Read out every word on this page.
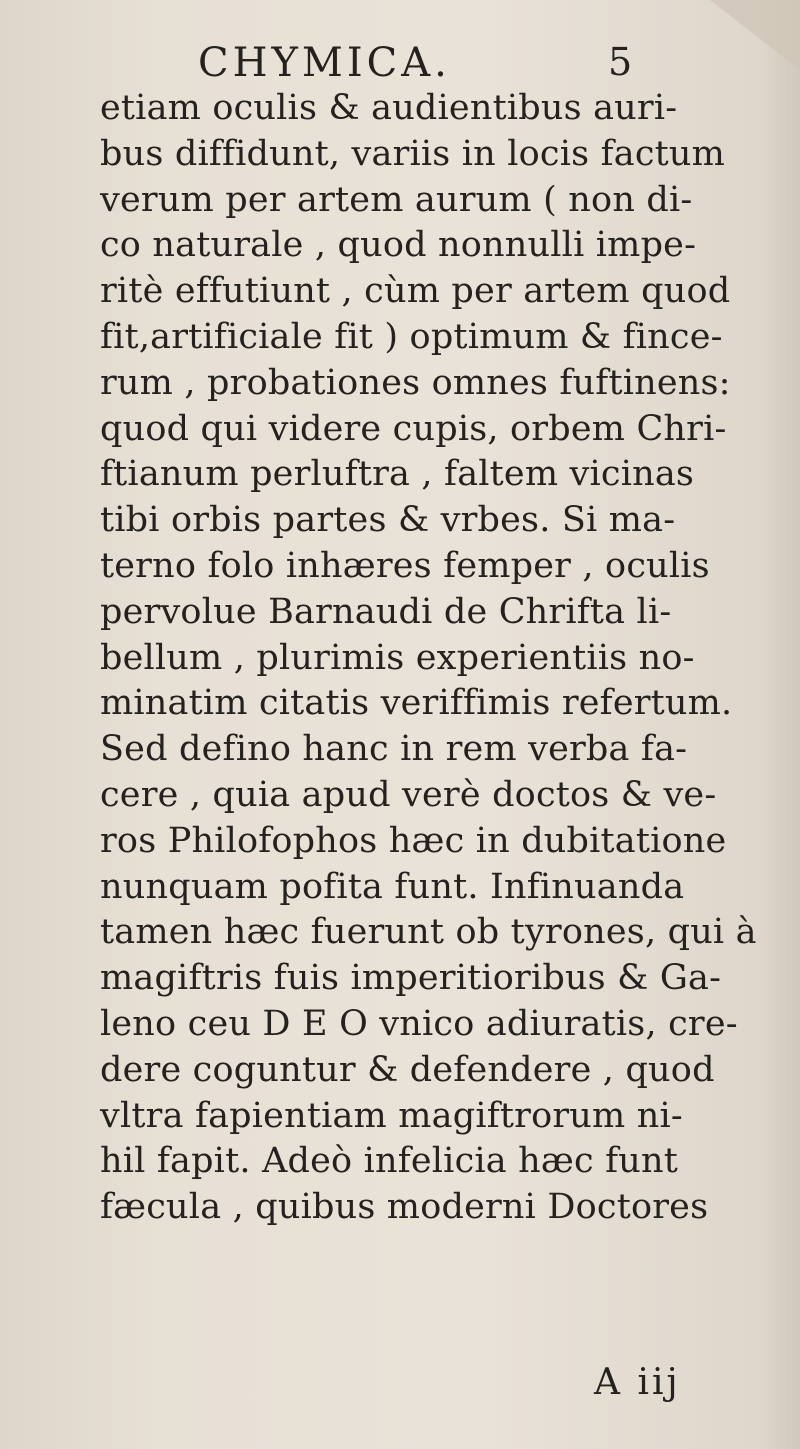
CHYMICA.	5
etiam oculis & audientibus auri-
bus diffidunt, variis in locis factum
verum per artem aurum ( non di-
co naturale , quod nonnulli impe-
ritè effutiunt , cùm per artem quod
fit,artificiale fit ) optimum & fince-
rum , probationes omnes fuftinens:
quod qui videre cupis, orbem Chri-
ftianum perluftra , faltem vicinas
tibi orbis partes & vrbes. Si ma-
terno folo inhæres femper , oculis
pervolue Barnaudi de Chrifta li-
bellum , plurimis experientiis no-
minatim citatis veriffimis refertum.
Sed defino hanc in rem verba fa-
cere , quia apud verè doctos & ve-
ros Philofophos hæc in dubitatione
nunquam pofita funt. Infinuanda
tamen hæc fuerunt ob tyrones, qui à
magiftris fuis imperitioribus & Ga-
leno ceu D E O vnico adiuratis, cre-
dere coguntur & defendere , quod
vltra fapientiam magiftrorum ni-
hil fapit. Adeò infelicia hæc funt
fæcula , quibus moderni Doctores
A iij
